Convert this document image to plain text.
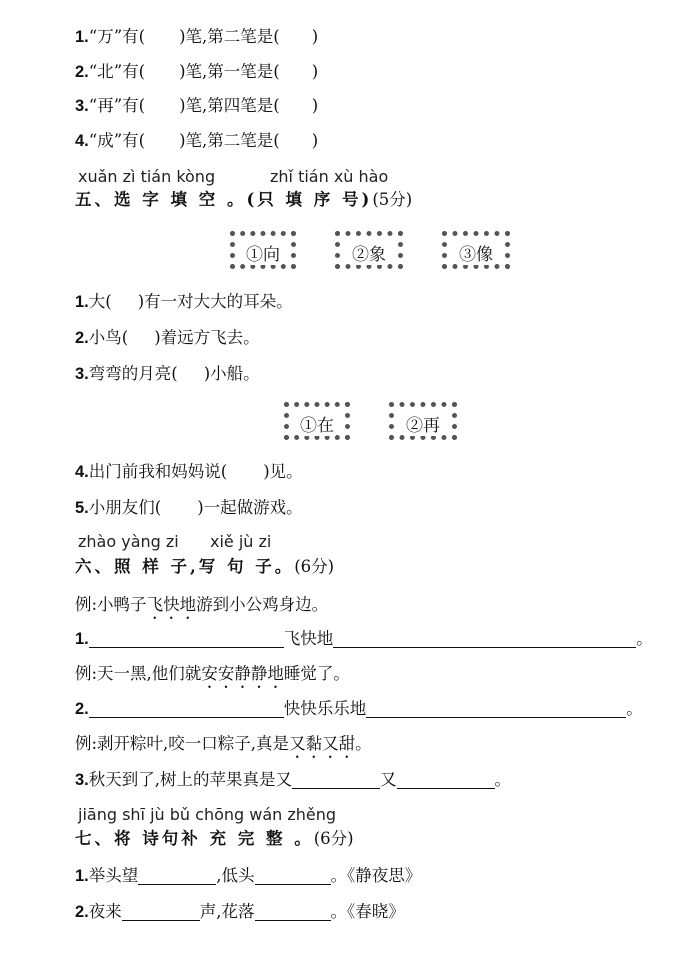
1.“万”有( )笔,第二笔是( )
2.“北”有( )笔,第一笔是( )
3.“再”有( )笔,第四笔是( )
4.“成”有( )笔,第二笔是( )
xuǎn zì tián kòng	zhǐ tián xù hào
五、选 字 填 空 。(只 填 序 号)(5分)
①向	②象	③像
1.大( )有一对大大的耳朵。
2.小鸟( )着远方飞去。
3.弯弯的月亮( )小船。
①在	②再
4.出门前我和妈妈说( )见。
5.小朋友们( )一起做游戏。
zhào yàng zi xiě jù zi
六、照 样 子,写 句 子。(6分)
例:小鸭子飞快地游到小公鸡身边。
1.	飞快地	。
例:天一黑,他们就安安静静地睡觉了。
2.	快快乐乐地	。
例:剥开粽叶,咬一口粽子,真是又黏又甜。
3.秋天到了,树上的苹果真是又	又	。
jiāng shī jù bǔ chōng wán zhěng
七、将 诗句补 充 完 整 。(6分)
1.举头望	,低头	。《静夜思》
2.夜来	声,花落	。《春晓》
